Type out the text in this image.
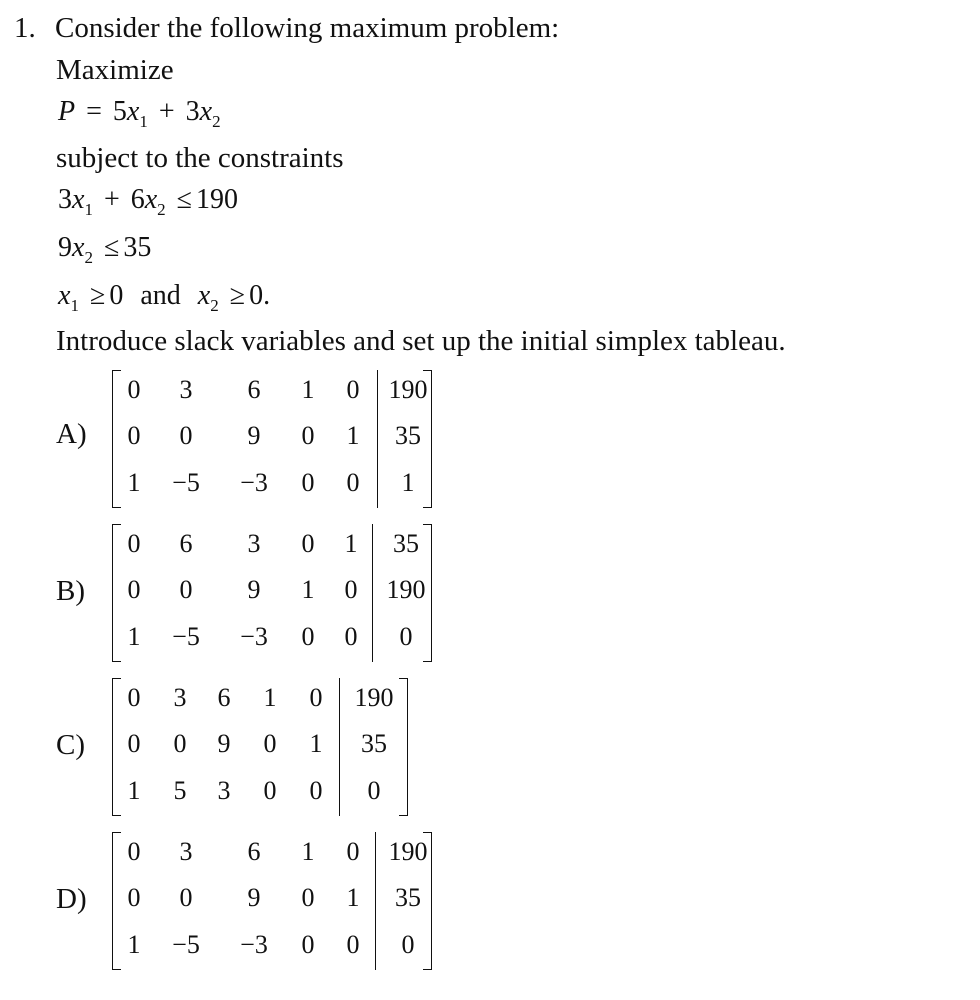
1. Consider the following maximum problem:
Maximize
$P = 5x_1 + 3x_2$
subject to the constraints
$3x_1 + 6x_2 \le 190$
$9x_2 \le 35$
$x_1 \ge 0$ and $x_2 \ge 0$.
Introduce slack variables and set up the initial simplex tableau.
A)
0 3 6 1 0 190
0 0 9 0 1 35
1 −5 −3 0 0 1
B)
0 6 3 0 1 35
0 0 9 1 0 190
1 −5 −3 0 0 0
C)
0 3 6 1 0 190
0 0 9 0 1 35
1 5 3 0 0 0
D)
0 3 6 1 0 190
0 0 9 0 1 35
1 −5 −3 0 0 0
